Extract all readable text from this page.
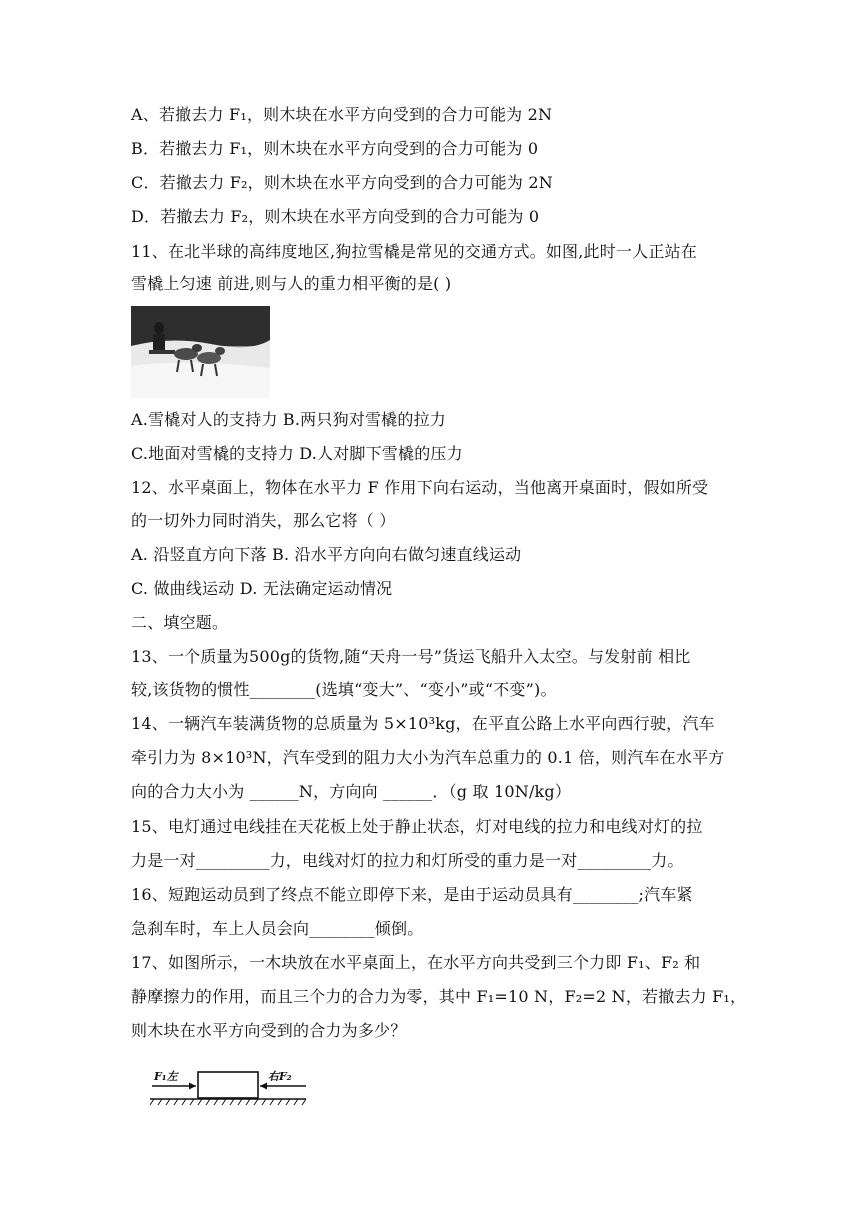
A、若撤去力 F₁，则木块在水平方向受到的合力可能为 2N
B．若撤去力 F₁，则木块在水平方向受到的合力可能为 0
C．若撤去力 F₂，则木块在水平方向受到的合力可能为 2N
D．若撤去力 F₂，则木块在水平方向受到的合力可能为 0
11、在北半球的高纬度地区,狗拉雪橇是常见的交通方式。如图,此时一人正站在
雪橇上匀速 前进,则与人的重力相平衡的是( )
A.雪橇对人的支持力 B.两只狗对雪橇的拉力
C.地面对雪橇的支持力 D.人对脚下雪橇的压力
12、水平桌面上，物体在水平力 F 作用下向右运动，当他离开桌面时，假如所受
的一切外力同时消失，那么它将（ ）
A. 沿竖直方向下落 B. 沿水平方向向右做匀速直线运动
C. 做曲线运动 D. 无法确定运动情况
二、填空题。
13、一个质量为500g的货物,随“天舟一号”货运飞船升入太空。与发射前 相比
较,该货物的惯性________(选填“变大”、“变小”或“不变”)。
14、一辆汽车装满货物的总质量为 5×10³kg，在平直公路上水平向西行驶，汽车
牵引力为 8×10³N，汽车受到的阻力大小为汽车总重力的 0.1 倍，则汽车在水平方
向的合力大小为 ______N，方向向 ______．（g 取 10N/kg）
15、电灯通过电线挂在天花板上处于静止状态，灯对电线的拉力和电线对灯的拉
力是一对_________力，电线对灯的拉力和灯所受的重力是一对_________力。
16、短跑运动员到了终点不能立即停下来，是由于运动员具有________;汽车紧
急刹车时，车上人员会向________倾倒。
17、如图所示，一木块放在水平桌面上，在水平方向共受到三个力即 F₁、F₂ 和
静摩擦力的作用，而且三个力的合力为零，其中 F₁=10 N，F₂=2 N，若撤去力 F₁，
则木块在水平方向受到的合力为多少？
F₁左	右F₂
